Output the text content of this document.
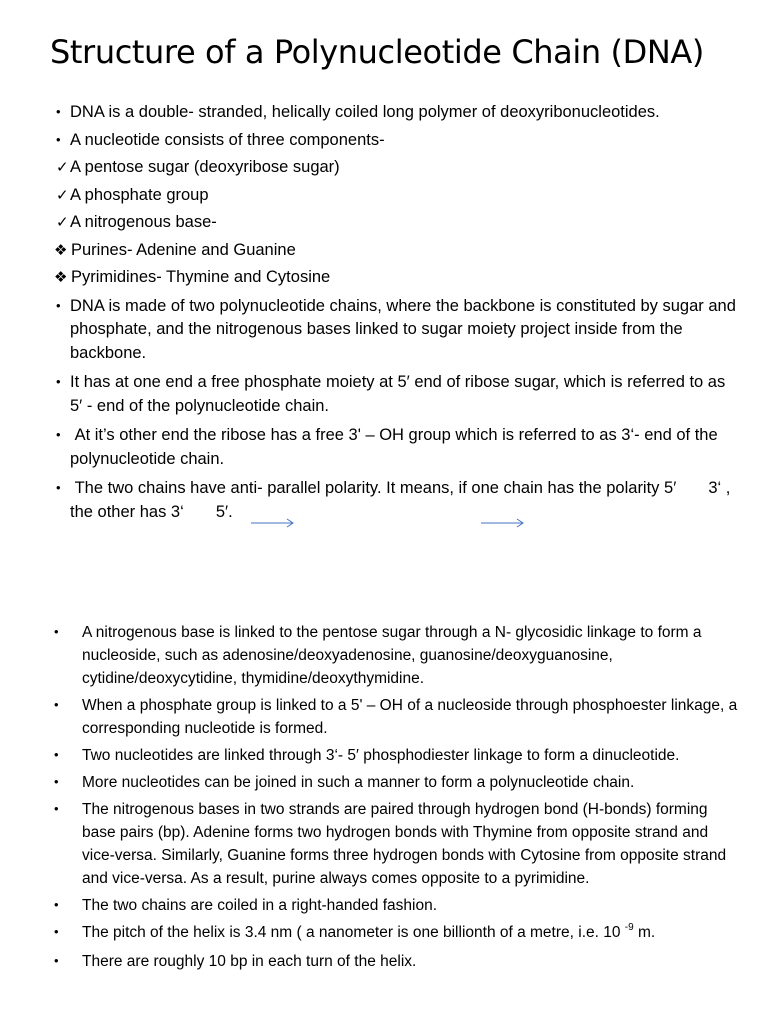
Structure of a Polynucleotide Chain (DNA)
• DNA is a double- stranded, helically coiled long polymer of deoxyribonucleotides.
• A nucleotide consists of three components-
✓ A pentose sugar (deoxyribose sugar)
✓ A phosphate group
✓ A nitrogenous base-
❖ Purines- Adenine and Guanine
❖ Pyrimidines- Thymine and Cytosine
• DNA is made of two polynucleotide chains, where the backbone is constituted by sugar and phosphate, and the nitrogenous bases linked to sugar moiety project inside from the backbone.
• It has at one end a free phosphate moiety at 5′ end of ribose sugar, which is referred to as 5′ - end of the polynucleotide chain.
• At it’s other end the ribose has a free 3' – OH group which is referred to as 3‘- end of the polynucleotide chain.
• The two chains have anti- parallel polarity. It means, if one chain has the polarity 5′       3‘ , the other has 3‘       5′.
• A nitrogenous base is linked to the pentose sugar through a N- glycosidic linkage to form a nucleoside, such as adenosine/deoxyadenosine, guanosine/deoxyguanosine, cytidine/deoxycytidine, thymidine/deoxythymidine.
• When a phosphate group is linked to a 5' – OH of a nucleoside through phosphoester linkage, a corresponding nucleotide is formed.
• Two nucleotides are linked through 3‘- 5′ phosphodiester linkage to form a dinucleotide.
• More nucleotides can be joined in such a manner to form a polynucleotide chain.
• The nitrogenous bases in two strands are paired through hydrogen bond (H-bonds) forming base pairs (bp). Adenine forms two hydrogen bonds with Thymine from opposite strand and vice-versa. Similarly, Guanine forms three hydrogen bonds with Cytosine from opposite strand and vice-versa. As a result, purine always comes opposite to a pyrimidine.
• The two chains are coiled in a right-handed fashion.
• The pitch of the helix is 3.4 nm ( a nanometer is one billionth of a metre, i.e. 10 $^{-9}$ m.
• There are roughly 10 bp in each turn of the helix.
